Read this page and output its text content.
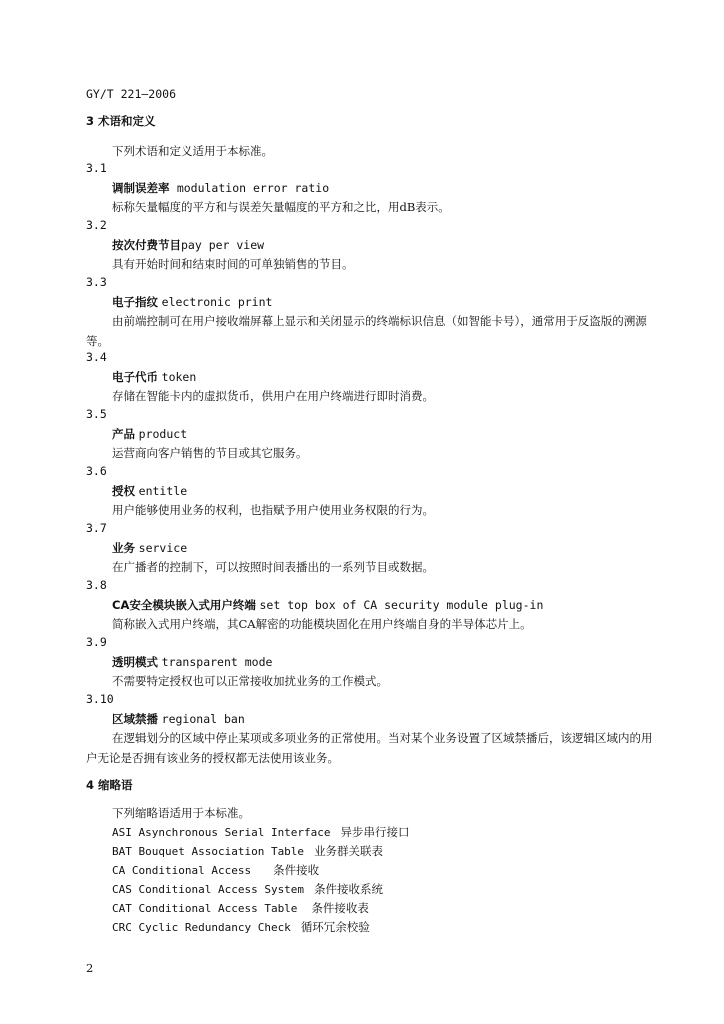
GY/T 221—2006
3 术语和定义
下列术语和定义适用于本标准。
3.1
调制误差率 modulation error ratio
标称矢量幅度的平方和与误差矢量幅度的平方和之比，用dB表示。
3.2
按次付费节目pay per view
具有开始时间和结束时间的可单独销售的节目。
3.3
电子指纹 electronic print
由前端控制可在用户接收端屏幕上显示和关闭显示的终端标识信息（如智能卡号），通常用于反盗版的溯源等。
3.4
电子代币 token
存储在智能卡内的虚拟货币，供用户在用户终端进行即时消费。
3.5
产品 product
运营商向客户销售的节目或其它服务。
3.6
授权 entitle
用户能够使用业务的权利，也指赋予用户使用业务权限的行为。
3.7
业务 service
在广播者的控制下，可以按照时间表播出的一系列节目或数据。
3.8
CA安全模块嵌入式用户终端 set top box of CA security module plug-in
简称嵌入式用户终端，其CA解密的功能模块固化在用户终端自身的半导体芯片上。
3.9
透明模式 transparent mode
不需要特定授权也可以正常接收加扰业务的工作模式。
3.10
区域禁播 regional ban
在逻辑划分的区域中停止某项或多项业务的正常使用。当对某个业务设置了区域禁播后，该逻辑区域内的用户无论是否拥有该业务的授权都无法使用该业务。
4 缩略语
下列缩略语适用于本标准。
ASI Asynchronous Serial Interface 异步串行接口
BAT Bouquet Association Table 业务群关联表
CA Conditional Access 条件接收
CAS Conditional Access System 条件接收系统
CAT Conditional Access Table 条件接收表
CRC Cyclic Redundancy Check 循环冗余校验
2
